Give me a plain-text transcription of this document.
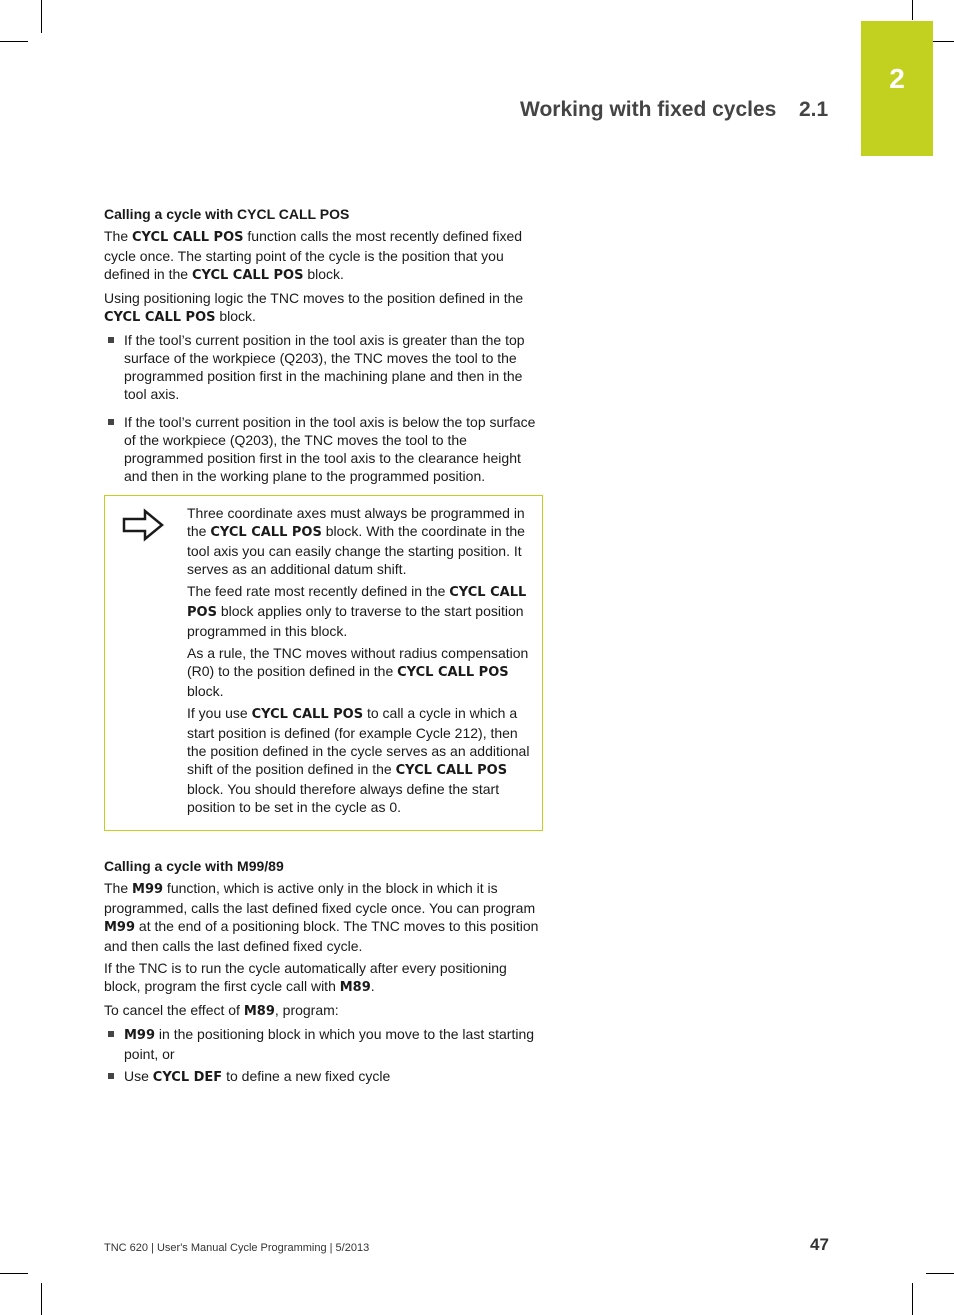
2
Working with fixed cycles 2.1
Calling a cycle with CYCL CALL POS

The CYCL CALL POS function calls the most recently defined fixed cycle once. The starting point of the cycle is the position that you defined in the CYCL CALL POS block.

Using positioning logic the TNC moves to the position defined in the CYCL CALL POS block.

If the tool’s current position in the tool axis is greater than the top surface of the workpiece (Q203), the TNC moves the tool to the programmed position first in the machining plane and then in the tool axis.
If the tool’s current position in the tool axis is below the top surface of the workpiece (Q203), the TNC moves the tool to the programmed position first in the tool axis to the clearance height and then in the working plane to the programmed position.

Three coordinate axes must always be programmed in the CYCL CALL POS block. With the coordinate in the tool axis you can easily change the starting position. It serves as an additional datum shift.

The feed rate most recently defined in the CYCL CALL POS block applies only to traverse to the start position programmed in this block.

As a rule, the TNC moves without radius compensation (R0) to the position defined in the CYCL CALL POS block.

If you use CYCL CALL POS to call a cycle in which a start position is defined (for example Cycle 212), then the position defined in the cycle serves as an additional shift of the position defined in the CYCL CALL POS block. You should therefore always define the start position to be set in the cycle as 0.

Calling a cycle with M99/89

The M99 function, which is active only in the block in which it is programmed, calls the last defined fixed cycle once. You can program M99 at the end of a positioning block. The TNC moves to this position and then calls the last defined fixed cycle.

If the TNC is to run the cycle automatically after every positioning block, program the first cycle call with M89.

To cancel the effect of M89, program:

M99 in the positioning block in which you move to the last starting point, or
Use CYCL DEF to define a new fixed cycle
TNC 620 | User's Manual Cycle Programming | 5/2013	47
